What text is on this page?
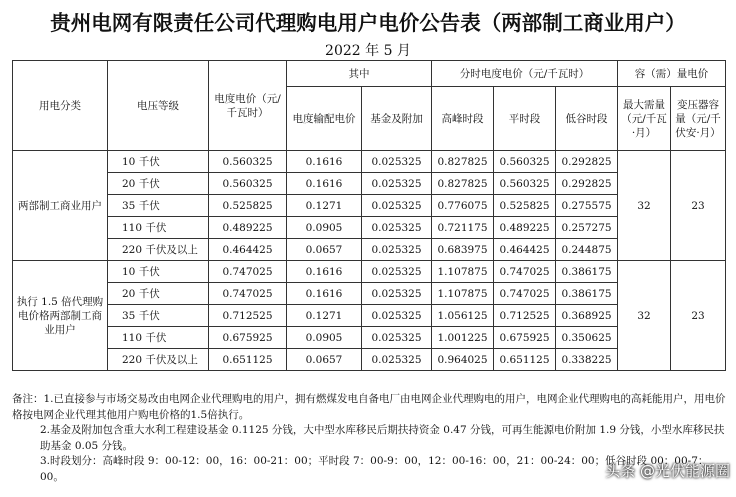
贵州电网有限责任公司代理购电用户电价公告表（两部制工商业用户）
2022 年 5 月
用电分类	电压等级	电度电价（元/千瓦时）	其中		分时电度电价（元/千瓦时）			容（需）量电价	
			电度输配电价	基金及附加	高峰时段	平时段	低谷时段	最大需量（元/千瓦·月）	变压器容量（元/千伏安·月）
两部制工商业用户	10 千伏	0.560325	0.1616	0.025325	0.827825	0.560325	0.292825	32	23
	20 千伏	0.560325	0.1616	0.025325	0.827825	0.560325	0.292825		
	35 千伏	0.525825	0.1271	0.025325	0.776075	0.525825	0.275575		
	110 千伏	0.489225	0.0905	0.025325	0.721175	0.489225	0.257275		
	220 千伏及以上	0.464425	0.0657	0.025325	0.683975	0.464425	0.244875		
执行 1.5 倍代理购电价格两部制工商业用户	10 千伏	0.747025	0.1616	0.025325	1.107875	0.747025	0.386175	32	23
	20 千伏	0.747025	0.1616	0.025325	1.107875	0.747025	0.386175		
	35 千伏	0.712525	0.1271	0.025325	1.056125	0.712525	0.368925		
	110 千伏	0.675925	0.0905	0.025325	1.001225	0.675925	0.350625		
	220 千伏及以上	0.651125	0.0657	0.025325	0.964025	0.651125	0.338225		

备注：1.已直接参与市场交易改由电网企业代理购电的用户，拥有燃煤发电自备电厂由电网企业代理购电的用户，电网企业代理购电的高耗能用户，用电价格按电网企业代理其他用户购电价格的1.5倍执行。

2.基金及附加包含重大水利工程建设基金 0.1125 分钱，大中型水库移民后期扶持资金 0.47 分钱，可再生能源电价附加 1.9 分钱，小型水库移民扶助基金 0.05 分钱。

3.时段划分：高峰时段 9：00-12：00，16：00-21：00；平时段 7：00-9：00，12：00-16：00，21：00-24：00；低谷时段 00：00-7：00。	头条 @光伏能源圈
